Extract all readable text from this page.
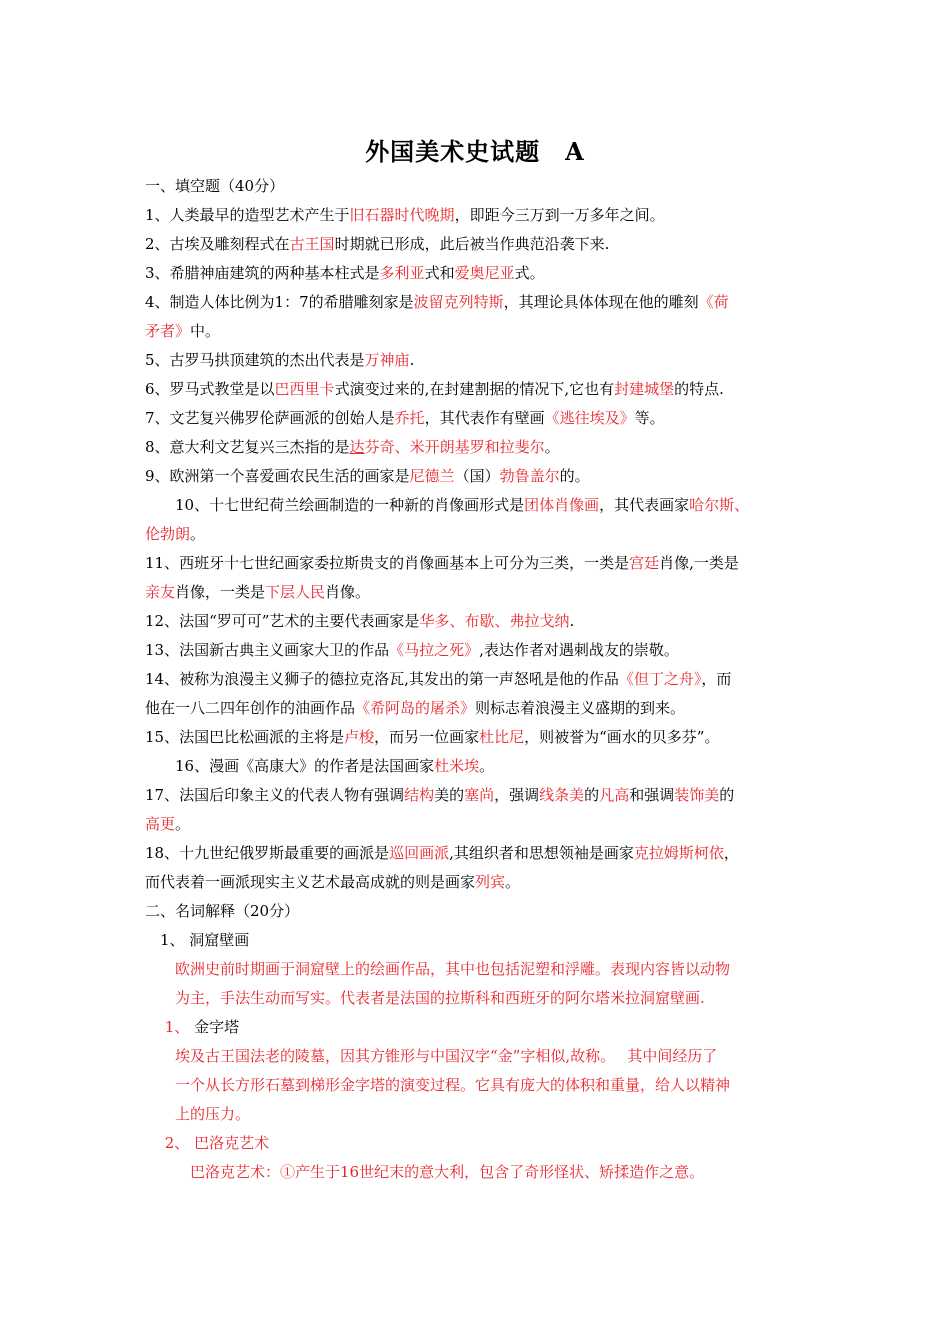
外国美术史试题　A
一、填空题（40分）
1、人类最早的造型艺术产生于旧石器时代晚期，即距今三万到一万多年之间。
2、古埃及雕刻程式在古王国时期就已形成，此后被当作典范沿袭下来.
3、希腊神庙建筑的两种基本柱式是多利亚式和爱奥尼亚式。
4、制造人体比例为1：7的希腊雕刻家是波留克列特斯，其理论具体体现在他的雕刻《荷
矛者》中。
5、古罗马拱顶建筑的杰出代表是万神庙.
6、罗马式教堂是以巴西里卡式演变过来的,在封建割据的情况下,它也有封建城堡的特点.
7、文艺复兴佛罗伦萨画派的创始人是乔托，其代表作有壁画《逃往埃及》等。
8、意大利文艺复兴三杰指的是达芬奇、米开朗基罗和拉斐尔。
9、欧洲第一个喜爱画农民生活的画家是尼德兰（国）勃鲁盖尔的。
　　10、十七世纪荷兰绘画制造的一种新的肖像画形式是团体肖像画，其代表画家哈尔斯、
伦勃朗。
11、西班牙十七世纪画家委拉斯贵支的肖像画基本上可分为三类，一类是宫廷肖像,一类是
亲友肖像，一类是下层人民肖像。
12、法国“罗可可”艺术的主要代表画家是华多、布歇、弗拉戈纳.
13、法国新古典主义画家大卫的作品《马拉之死》,表达作者对遇刺战友的崇敬。
14、被称为浪漫主义狮子的德拉克洛瓦,其发出的第一声怒吼是他的作品《但丁之舟》，而
他在一八二四年创作的油画作品《希阿岛的屠杀》则标志着浪漫主义盛期的到来。
15、法国巴比松画派的主将是卢梭，而另一位画家杜比尼，则被誉为“画水的贝多芬”。
　　16、漫画《高康大》的作者是法国画家杜米埃。
17、法国后印象主义的代表人物有强调结构美的塞尚，强调线条美的凡高和强调装饰美的
高更。
18、十九世纪俄罗斯最重要的画派是巡回画派,其组织者和思想领袖是画家克拉姆斯柯依，
而代表着一画派现实主义艺术最高成就的则是画家列宾。
二、名词解释（20分）
　1、 洞窟壁画
　　欧洲史前时期画于洞窟壁上的绘画作品，其中也包括泥塑和浮雕。表现内容皆以动物
　　为主，手法生动而写实。代表者是法国的拉斯科和西班牙的阿尔塔米拉洞窟壁画.
　 1、 金字塔
　　埃及古王国法老的陵墓，因其方锥形与中国汉字“金”字相似,故称。　 其中间经历了
　　一个从长方形石墓到梯形金字塔的演变过程。它具有庞大的体积和重量，给人以精神
　　上的压力。
　 2、 巴洛克艺术
　　　巴洛克艺术：①产生于16世纪末的意大利，包含了奇形怪状、矫揉造作之意。
